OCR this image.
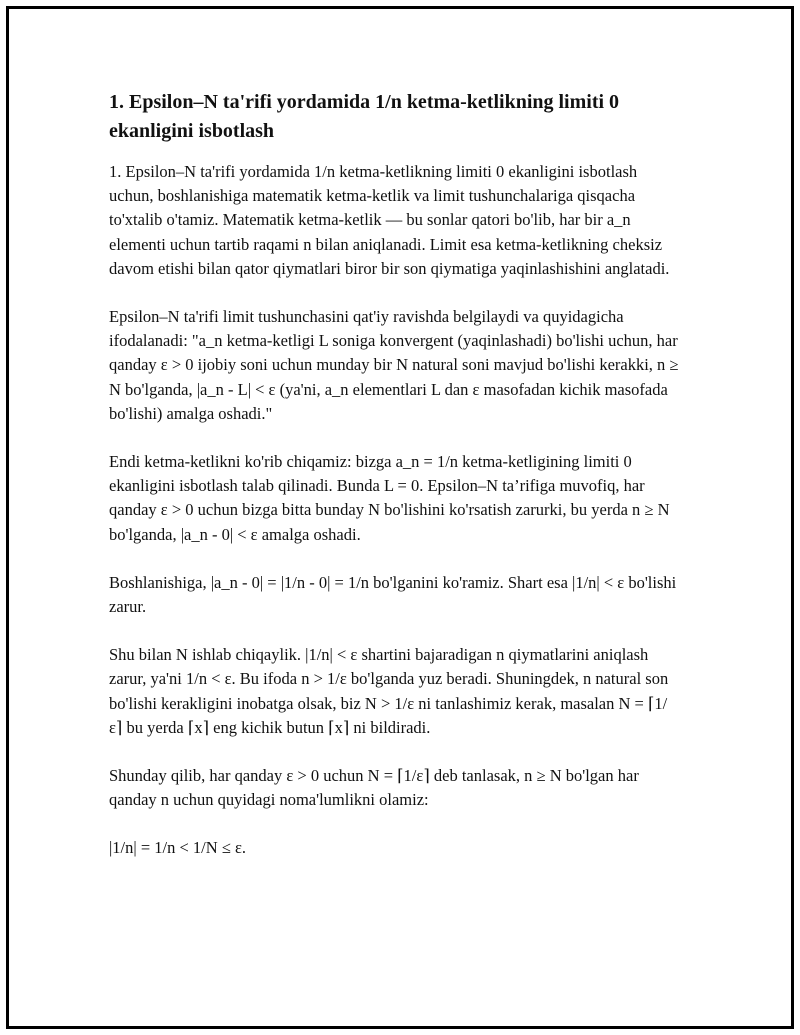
1. Epsilon–N ta'rifi yordamida 1/n ketma-ketlikning limiti 0 ekanligini isbotlash

1. Epsilon–N ta'rifi yordamida 1/n ketma-ketlikning limiti 0 ekanligini isbotlash uchun, boshlanishiga matematik ketma-ketlik va limit tushunchalariga qisqacha to'xtalib o'tamiz. Matematik ketma-ketlik — bu sonlar qatori bo'lib, har bir a_n elementi uchun tartib raqami n bilan aniqlanadi. Limit esa ketma-ketlikning cheksiz davom etishi bilan qator qiymatlari biror bir son qiymatiga yaqinlashishini anglatadi.

Epsilon–N ta'rifi limit tushunchasini qat'iy ravishda belgilaydi va quyidagicha ifodalanadi: "a_n ketma-ketligi L soniga konvergent (yaqinlashadi) bo'lishi uchun, har qanday ε > 0 ijobiy soni uchun munday bir N natural soni mavjud bo'lishi kerakki, n ≥ N bo'lganda, |a_n - L| < ε (ya'ni, a_n elementlari L dan ε masofadan kichik masofada bo'lishi) amalga oshadi."

Endi ketma-ketlikni ko'rib chiqamiz: bizga a_n = 1/n ketma-ketligining limiti 0 ekanligini isbotlash talab qilinadi. Bunda L = 0. Epsilon–N ta’rifiga muvofiq, har qanday ε > 0 uchun bizga bitta bunday N bo'lishini ko'rsatish zarurki, bu yerda n ≥ N bo'lganda, |a_n - 0| < ε amalga oshadi.

Boshlanishiga, |a_n - 0| = |1/n - 0| = 1/n bo'lganini ko'ramiz. Shart esa |1/n| < ε bo'lishi zarur.

Shu bilan N ishlab chiqaylik. |1/n| < ε shartini bajaradigan n qiymatlarini aniqlash zarur, ya'ni 1/n < ε. Bu ifoda n > 1/ε bo'lganda yuz beradi. Shuningdek, n natural son bo'lishi kerakligini inobatga olsak, biz N > 1/ε ni tanlashimiz kerak, masalan N = ⌈1/ε⌉ bu yerda ⌈x⌉ eng kichik butun ⌈x⌉ ni bildiradi.

Shunday qilib, har qanday ε > 0 uchun N = ⌈1/ε⌉ deb tanlasak, n ≥ N bo'lgan har qanday n uchun quyidagi noma'lumlikni olamiz:

|1/n| = 1/n < 1/N ≤ ε.
